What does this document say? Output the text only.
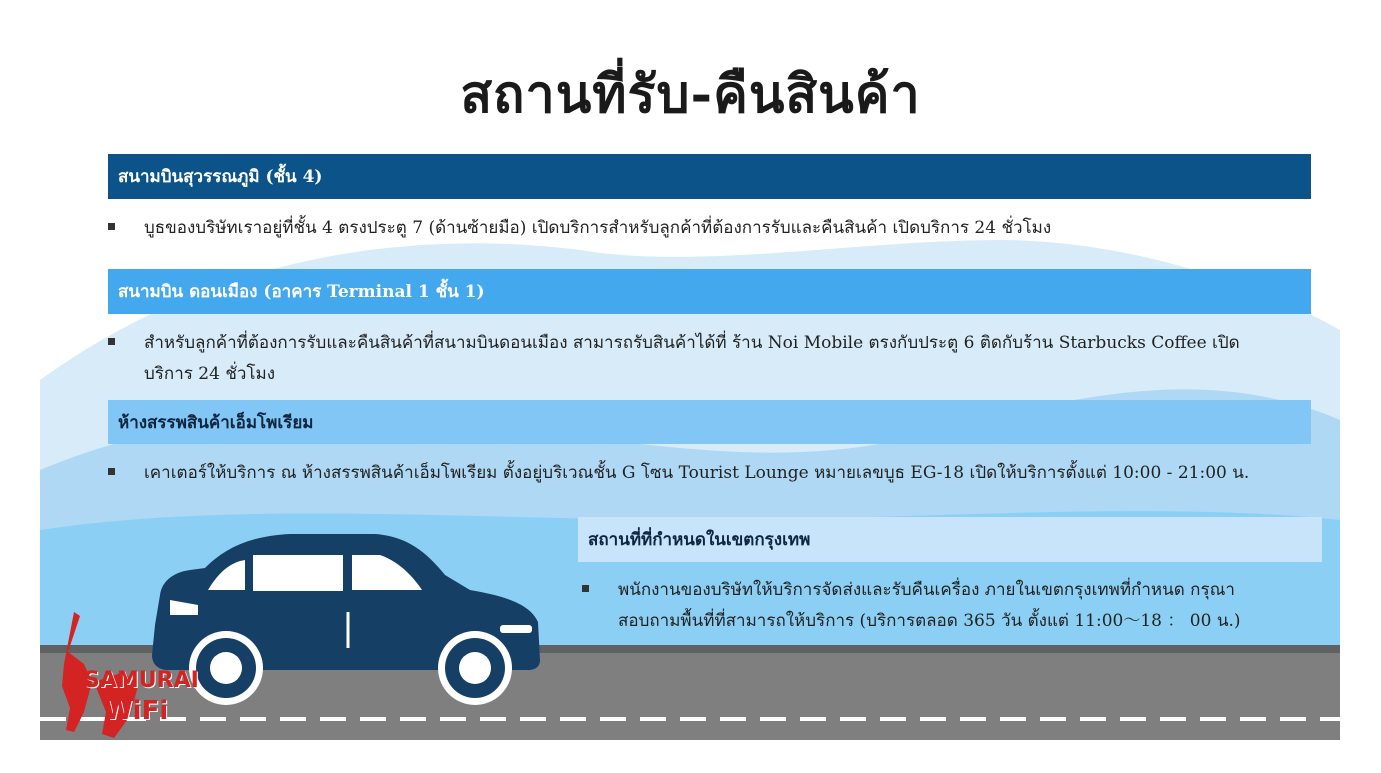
สถานที่รับ-คืนสินค้า
สนามบินสุวรรณภูมิ (ชั้น 4)
บูธของบริษัทเราอยู่ที่ชั้น 4 ตรงประตู 7 (ด้านซ้ายมือ) เปิดบริการสำหรับลูกค้าที่ต้องการรับและคืนสินค้า เปิดบริการ 24 ชั่วโมง
สนามบิน ดอนเมือง (อาคาร Terminal 1 ชั้น 1)
สำหรับลูกค้าที่ต้องการรับและคืนสินค้าที่สนามบินดอนเมือง สามารถรับสินค้าได้ที่ ร้าน Noi Mobile ตรงกับประตู 6 ติดกับร้าน Starbucks Coffee เปิด
บริการ 24 ชั่วโมง
ห้างสรรพสินค้าเอ็มโพเรียม
เคาเตอร์ให้บริการ ณ ห้างสรรพสินค้าเอ็มโพเรียม ตั้งอยู่บริเวณชั้น G โซน Tourist Lounge หมายเลขบูธ EG-18 เปิดให้บริการตั้งแต่ 10:00 - 21:00 น.
สถานที่ที่กำหนดในเขตกรุงเทพ
พนักงานของบริษัทให้บริการจัดส่งและรับคืนเครื่อง ภายในเขตกรุงเทพที่กำหนด กรุณา
สอบถามพื้นที่ที่สามารถให้บริการ (บริการตลอด 365 วัน ตั้งแต่ 11:00〜18 ： 00 น.)
SAMURAI
WiFi
